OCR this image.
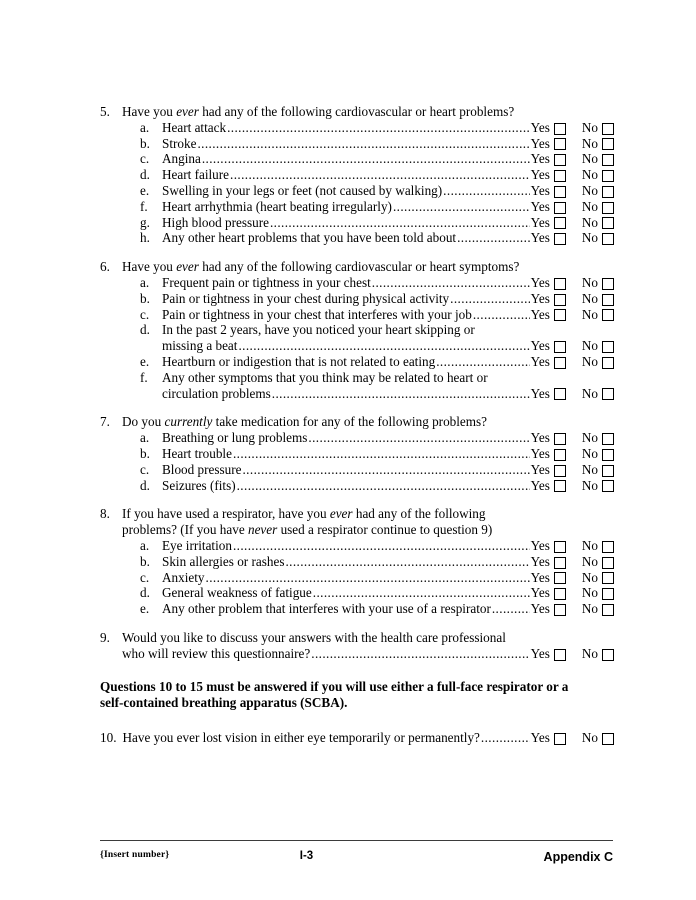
5. Have you ever had any of the following cardiovascular or heart problems?
a. Heart attack .....	Yes No
b. Stroke .....	Yes No
c. Angina .....	Yes No
d. Heart failure .....	Yes No
e. Swelling in your legs or feet (not caused by walking) .....	Yes No
f.	Heart arrhythmia (heart beating irregularly) .....	Yes No
g. High blood pressure .....	Yes No
h. Any other heart problems that you have been told about .....	Yes No
6. Have you ever had any of the following cardiovascular or heart symptoms?
a. Frequent pain or tightness in your chest .....	Yes No
b. Pain or tightness in your chest during physical activity .....	Yes No
c. Pain or tightness in your chest that interferes with your job .....	Yes No
d. In the past 2 years, have you noticed your heart skipping or
missing a beat .....	Yes No
e. Heartburn or indigestion that is not related to eating .....	Yes No
f.	Any other symptoms that you think may be related to heart or
circulation problems .....	Yes No
7. Do you currently take medication for any of the following problems?
a. Breathing or lung problems .....	Yes No
b. Heart trouble .....	Yes No
c. Blood pressure .....	Yes No
d. Seizures (fits) .....	Yes No
8. If you have used a respirator, have you ever had any of the following
problems? (If you have never used a respirator continue to question 9)
a. Eye irritation .....	Yes No
b. Skin allergies or rashes .....	Yes No
c. Anxiety .....	Yes No
d. General weakness of fatigue .....	Yes No
e. Any other problem that interferes with your use of a respirator .....	Yes No
9. Would you like to discuss your answers with the health care professional
who will review this questionnaire? .....	Yes No
Questions 10 to 15 must be answered if you will use either a full-face respirator or a
self-contained breathing apparatus (SCBA).
10. Have you ever lost vision in either eye temporarily or permanently? .....	Yes No
{Insert number}	I-3	Appendix C
